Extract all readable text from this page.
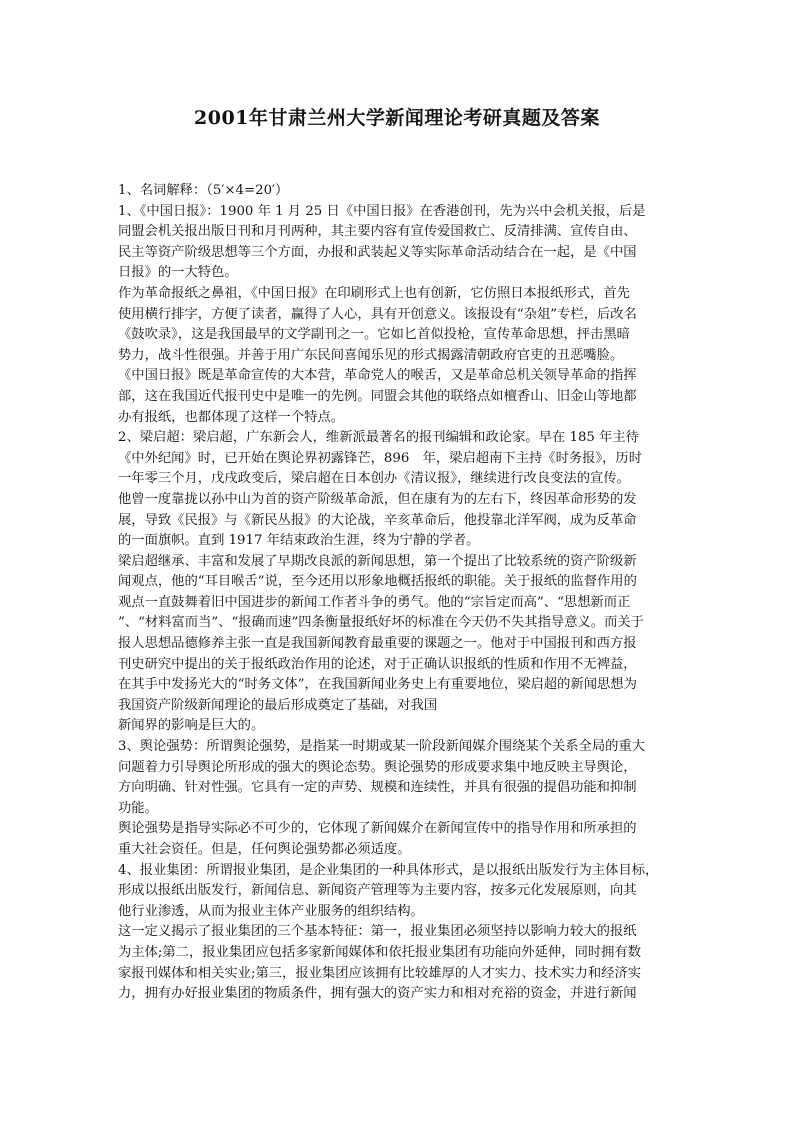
2001年甘肃兰州大学新闻理论考研真题及答案
1、名词解释：（5′×4=20′）
1、《中国日报》：1900 年 1 月 25 日《中国日报》在香港创刊，先为兴中会机关报，后是
同盟会机关报出版日刊和月刊两种，其主要内容有宣传爱国救亡、反清排满、宣传自由、
民主等资产阶级思想等三个方面，办报和武装起义等实际革命活动结合在一起，是《中国
日报》的一大特色。
作为革命报纸之鼻祖，《中国日报》在印刷形式上也有创新，它仿照日本报纸形式，首先
使用横行排字，方便了读者，赢得了人心，具有开创意义。该报设有“杂俎”专栏，后改名
《鼓吹录》，这是我国最早的文学副刊之一。它如匕首似投枪，宣传革命思想，抨击黑暗
势力，战斗性很强。并善于用广东民间喜闻乐见的形式揭露清朝政府官吏的丑恶嘴脸。
《中国日报》既是革命宣传的大本营，革命党人的喉舌，又是革命总机关领导革命的指挥
部，这在我国近代报刊史中是唯一的先例。同盟会其他的联络点如檀香山、旧金山等地都
办有报纸，也都体现了这样一个特点。
2、梁启超：梁启超，广东新会人，维新派最著名的报刊编辑和政论家。早在 185 年主待
《中外纪闻》时，已开始在舆论界初露锋芒，896　年，梁启超南下主持《时务报》，历时
一年零三个月，戊戌政变后，梁启超在日本创办《清议报》，继续进行改良变法的宣传。
他曾一度靠拢以孙中山为首的资产阶级革命派，但在康有为的左右下，终因革命形势的发
展，导致《民报》与《新民丛报》的大论战，辛亥革命后，他投靠北洋军阀，成为反革命
的一面旗帜。直到 1917 年结束政治生涯，终为宁静的学者。
梁启超继承、丰富和发展了早期改良派的新闻思想，第一个提出了比较系统的资产阶级新
闻观点，他的“耳目喉舌”说，至今还用以形象地概括报纸的职能。关于报纸的监督作用的
观点一直鼓舞着旧中国进步的新闻工作者斗争的勇气。他的“宗旨定而高”、“思想新而正
”、“材料富而当”、“报确而速”四条衡量报纸好坏的标准在今天仍不失其指导意义。而关于
报人思想品德修养主张一直是我国新闻教育最重要的课题之一。他对于中国报刊和西方报
刊史研究中提出的关于报纸政治作用的论述，对于正确认识报纸的性质和作用不无裨益，
在其手中发扬光大的“时务文体”，在我国新闻业务史上有重要地位，梁启超的新闻思想为
我国资产阶级新闻理论的最后形成奠定了基础，对我国
新闻界的影响是巨大的。
3、舆论强势：所谓舆论强势，是指某一时期或某一阶段新闻媒介围绕某个关系全局的重大
问题着力引导舆论所形成的强大的舆论态势。舆论强势的形成要求集中地反映主导舆论，
方向明确、针对性强。它具有一定的声势、规模和连续性，并具有很强的提倡功能和抑制
功能。
舆论强势是指导实际必不可少的，它体现了新闻媒介在新闻宣传中的指导作用和所承担的
重大社会资任。但是，任何舆论强势都必须适度。
4、报业集团：所谓报业集团，是企业集团的一种具体形式，是以报纸出版发行为主体目标，
形成以报纸出版发行，新闻信息、新闻资产管理等为主要内容，按多元化发展原则，向其
他行业渗透，从而为报业主体产业服务的组织结构。
这一定义揭示了报业集团的三个基本特征：第一，报业集团必须坚持以影响力较大的报纸
为主体;第二，报业集团应包括多家新闻媒体和依托报业集团有功能向外延伸，同时拥有数
家报刊媒体和相关实业;第三，报业集团应该拥有比较雄厚的人才实力、技术实力和经济实
力，拥有办好报业集团的物质条件，拥有强大的资产实力和相对充裕的资金，并进行新闻
